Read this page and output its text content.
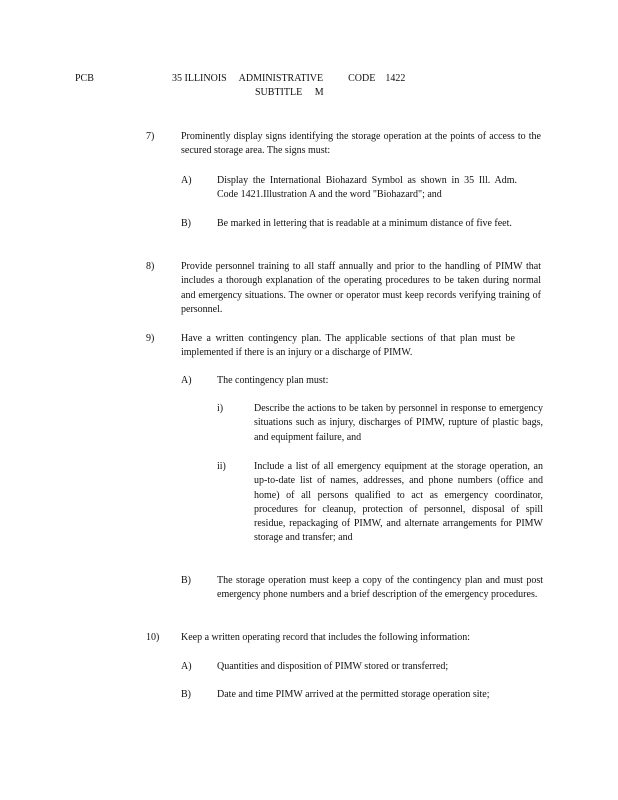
PCB	35 ILLINOIS     ADMINISTRATIVE          CODE    1422
SUBTITLE     M
7)	Prominently display signs identifying the storage operation at the points of access to the secured storage area. The signs must:
A)	Display the International Biohazard Symbol as shown in 35 Ill. Adm. Code 1421.Illustration A and the word "Biohazard"; and
B)	Be marked in lettering that is readable at a minimum distance of five feet.
8)	Provide personnel training to all staff annually and prior to the handling of PIMW that includes a thorough explanation of the operating procedures to be taken during normal and emergency situations. The owner or operator must keep records verifying training of personnel.
9)	Have a written contingency plan. The applicable sections of that plan must be implemented if there is an injury or a discharge of PIMW.
A)	The contingency plan must:
i)	Describe the actions to be taken by personnel in response to emergency situations such as injury, discharges of PIMW, rupture of plastic bags, and equipment failure, and
ii)	Include a list of all emergency equipment at the storage operation, an up-to-date list of names, addresses, and phone numbers (office and home) of all persons qualified to act as emergency coordinator, procedures for cleanup, protection of personnel, disposal of spill residue, repackaging of PIMW, and alternate arrangements for PIMW storage and transfer; and
B)	The storage operation must keep a copy of the contingency plan and must post emergency phone numbers and a brief description of the emergency procedures.
10) Keep a written operating record that includes the following information:
A)	Quantities and disposition of PIMW stored or transferred;
B)	Date and time PIMW arrived at the permitted storage operation site;
